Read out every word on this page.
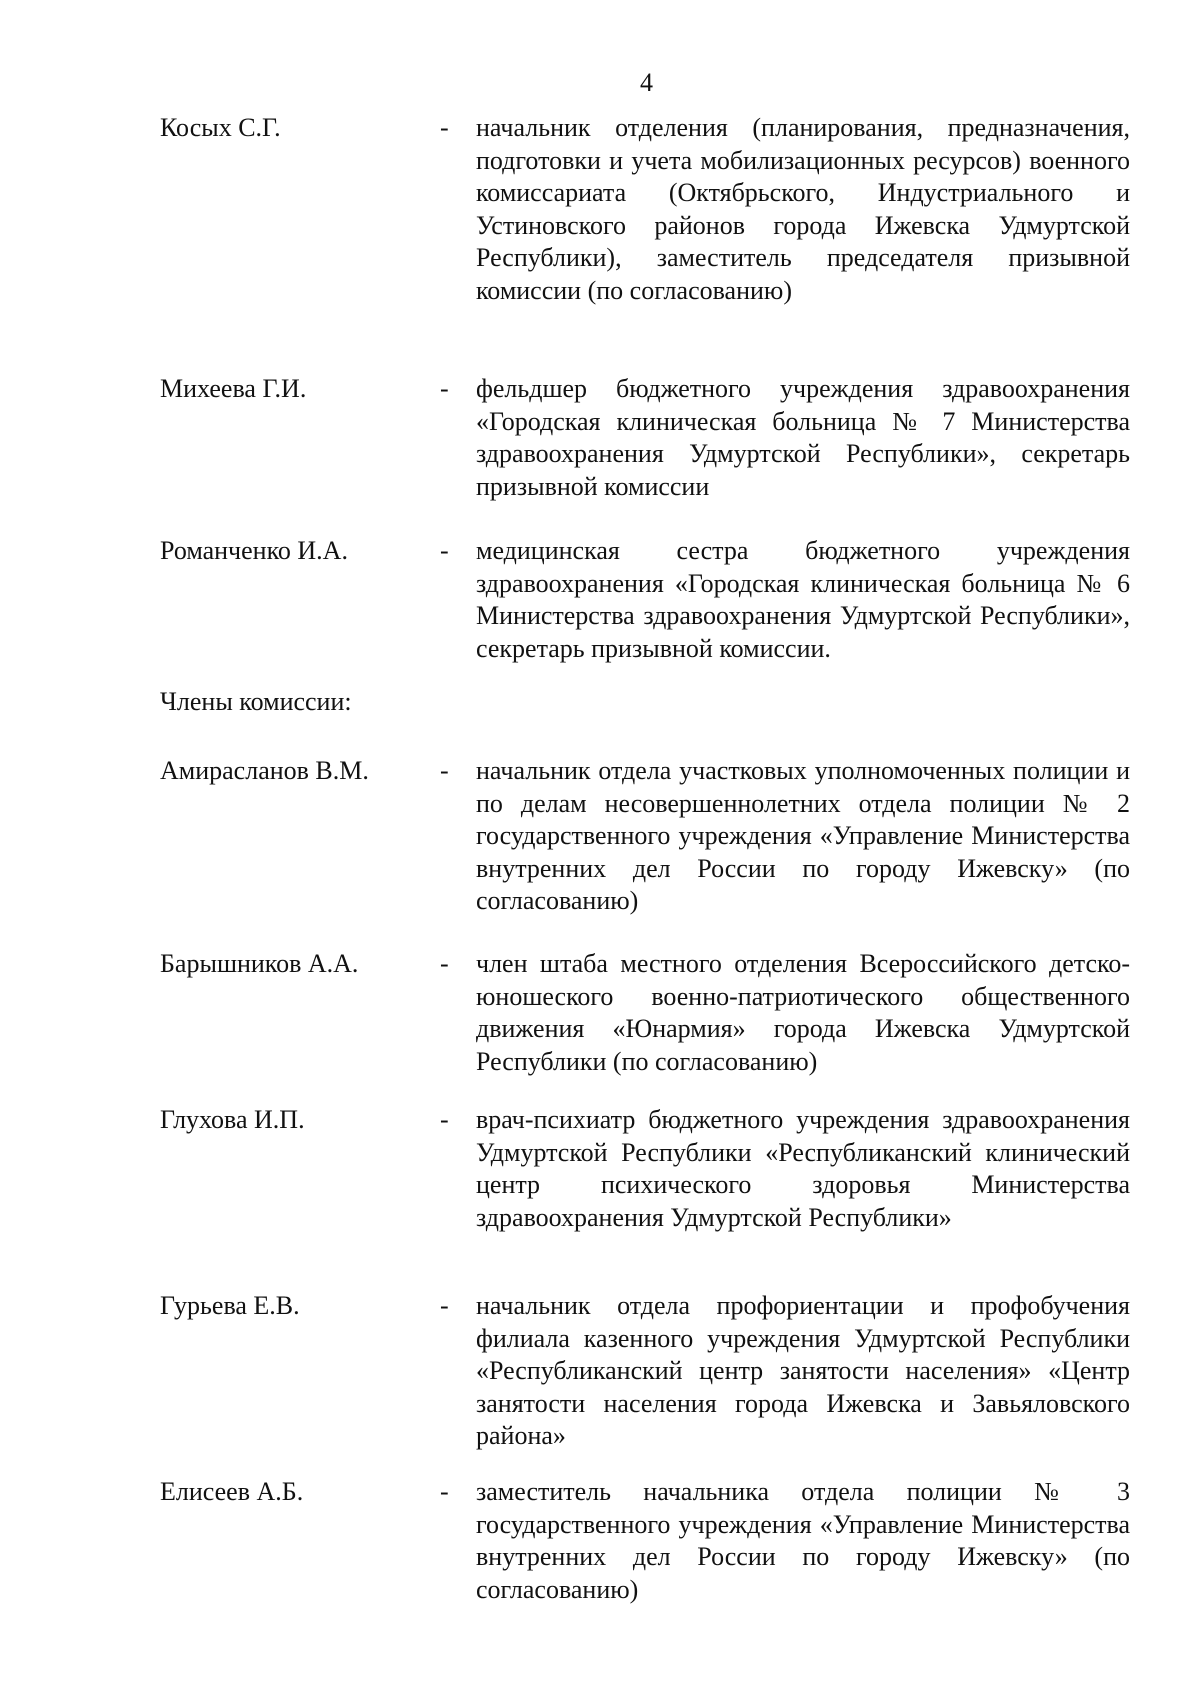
4
Косых С.Г.	- начальник отделения (планирования, предназначения, подготовки и учета мобилизационных ресурсов) военного комиссариата (Октябрьского, Индустриального и Устиновского районов города Ижевска Удмуртской Республики), заместитель председателя призывной комиссии (по согласованию)
Михеева Г.И.	- фельдшер бюджетного учреждения здравоохранения «Городская клиническая больница № 7 Министерства здравоохранения Удмуртской Республики», секретарь призывной комиссии
Романченко И.А.	- медицинская сестра бюджетного учреждения здравоохранения «Городская клиническая больница № 6 Министерства здравоохранения Удмуртской Республики», секретарь призывной комиссии.
Члены комиссии:
Амирасланов В.М.	- начальник отдела участковых уполномоченных полиции и по делам несовершеннолетних отдела полиции № 2 государственного учреждения «Управление Министерства внутренних дел России по городу Ижевску» (по согласованию)
Барышников А.А.	- член штаба местного отделения Всероссийского детско-юношеского военно-патриотического общественного движения «Юнармия» города Ижевска Удмуртской Республики (по согласованию)
Глухова И.П.	- врач-психиатр бюджетного учреждения здравоохранения Удмуртской Республики «Республиканский клинический центр психического здоровья Министерства здравоохранения Удмуртской Республики»
Гурьева Е.В.	- начальник отдела профориентации и профобучения филиала казенного учреждения Удмуртской Республики «Республиканский центр занятости населения» «Центр занятости населения города Ижевска и Завьяловского района»
Елисеев А.Б.	- заместитель начальника отдела полиции № 3 государственного учреждения «Управление Министерства внутренних дел России по городу Ижевску» (по согласованию)
